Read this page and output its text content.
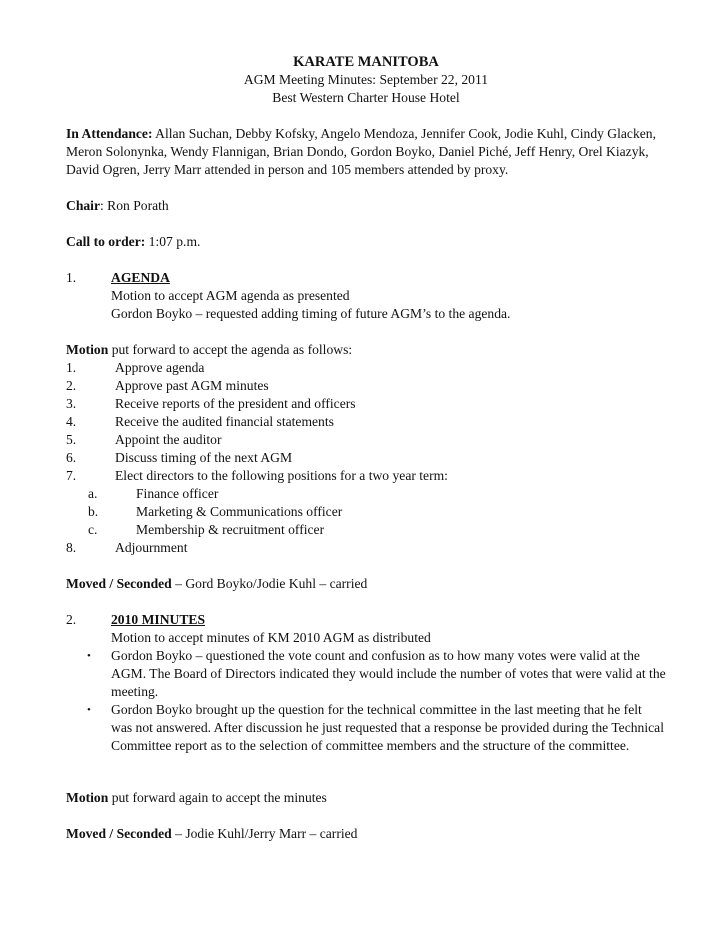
KARATE MANITOBA
AGM Meeting Minutes: September 22, 2011
Best Western Charter House Hotel

In Attendance: Allan Suchan, Debby Kofsky, Angelo Mendoza, Jennifer Cook, Jodie Kuhl, Cindy Glacken, Meron Solonynka, Wendy Flannigan, Brian Dondo, Gordon Boyko, Daniel Piché, Jeff Henry, Orel Kiazyk, David Ogren, Jerry Marr attended in person and 105 members attended by proxy.

Chair: Ron Porath

Call to order: 1:07 p.m.

1.	AGENDA
Motion to accept AGM agenda as presented
Gordon Boyko – requested adding timing of future AGM’s to the agenda.

Motion put forward to accept the agenda as follows:

1.	Approve agenda
2.	Approve past AGM minutes
3.	Receive reports of the president and officers
4.	Receive the audited financial statements
5.	Appoint the auditor
6.	Discuss timing of the next AGM
7.	Elect directors to the following positions for a two year term:
a.	Finance officer
b.	Marketing & Communications officer
c.	Membership & recruitment officer
8.	Adjournment

Moved / Seconded – Gord Boyko/Jodie Kuhl – carried

2.	2010 MINUTES
Motion to accept minutes of KM 2010 AGM as distributed
• Gordon Boyko – questioned the vote count and confusion as to how many votes were valid at the AGM. The Board of Directors indicated they would include the number of votes that were valid at the meeting.
• Gordon Boyko brought up the question for the technical committee in the last meeting that he felt was not answered. After discussion he just requested that a response be provided during the Technical Committee report as to the selection of committee members and the structure of the committee.

Motion put forward again to accept the minutes

Moved / Seconded – Jodie Kuhl/Jerry Marr – carried
